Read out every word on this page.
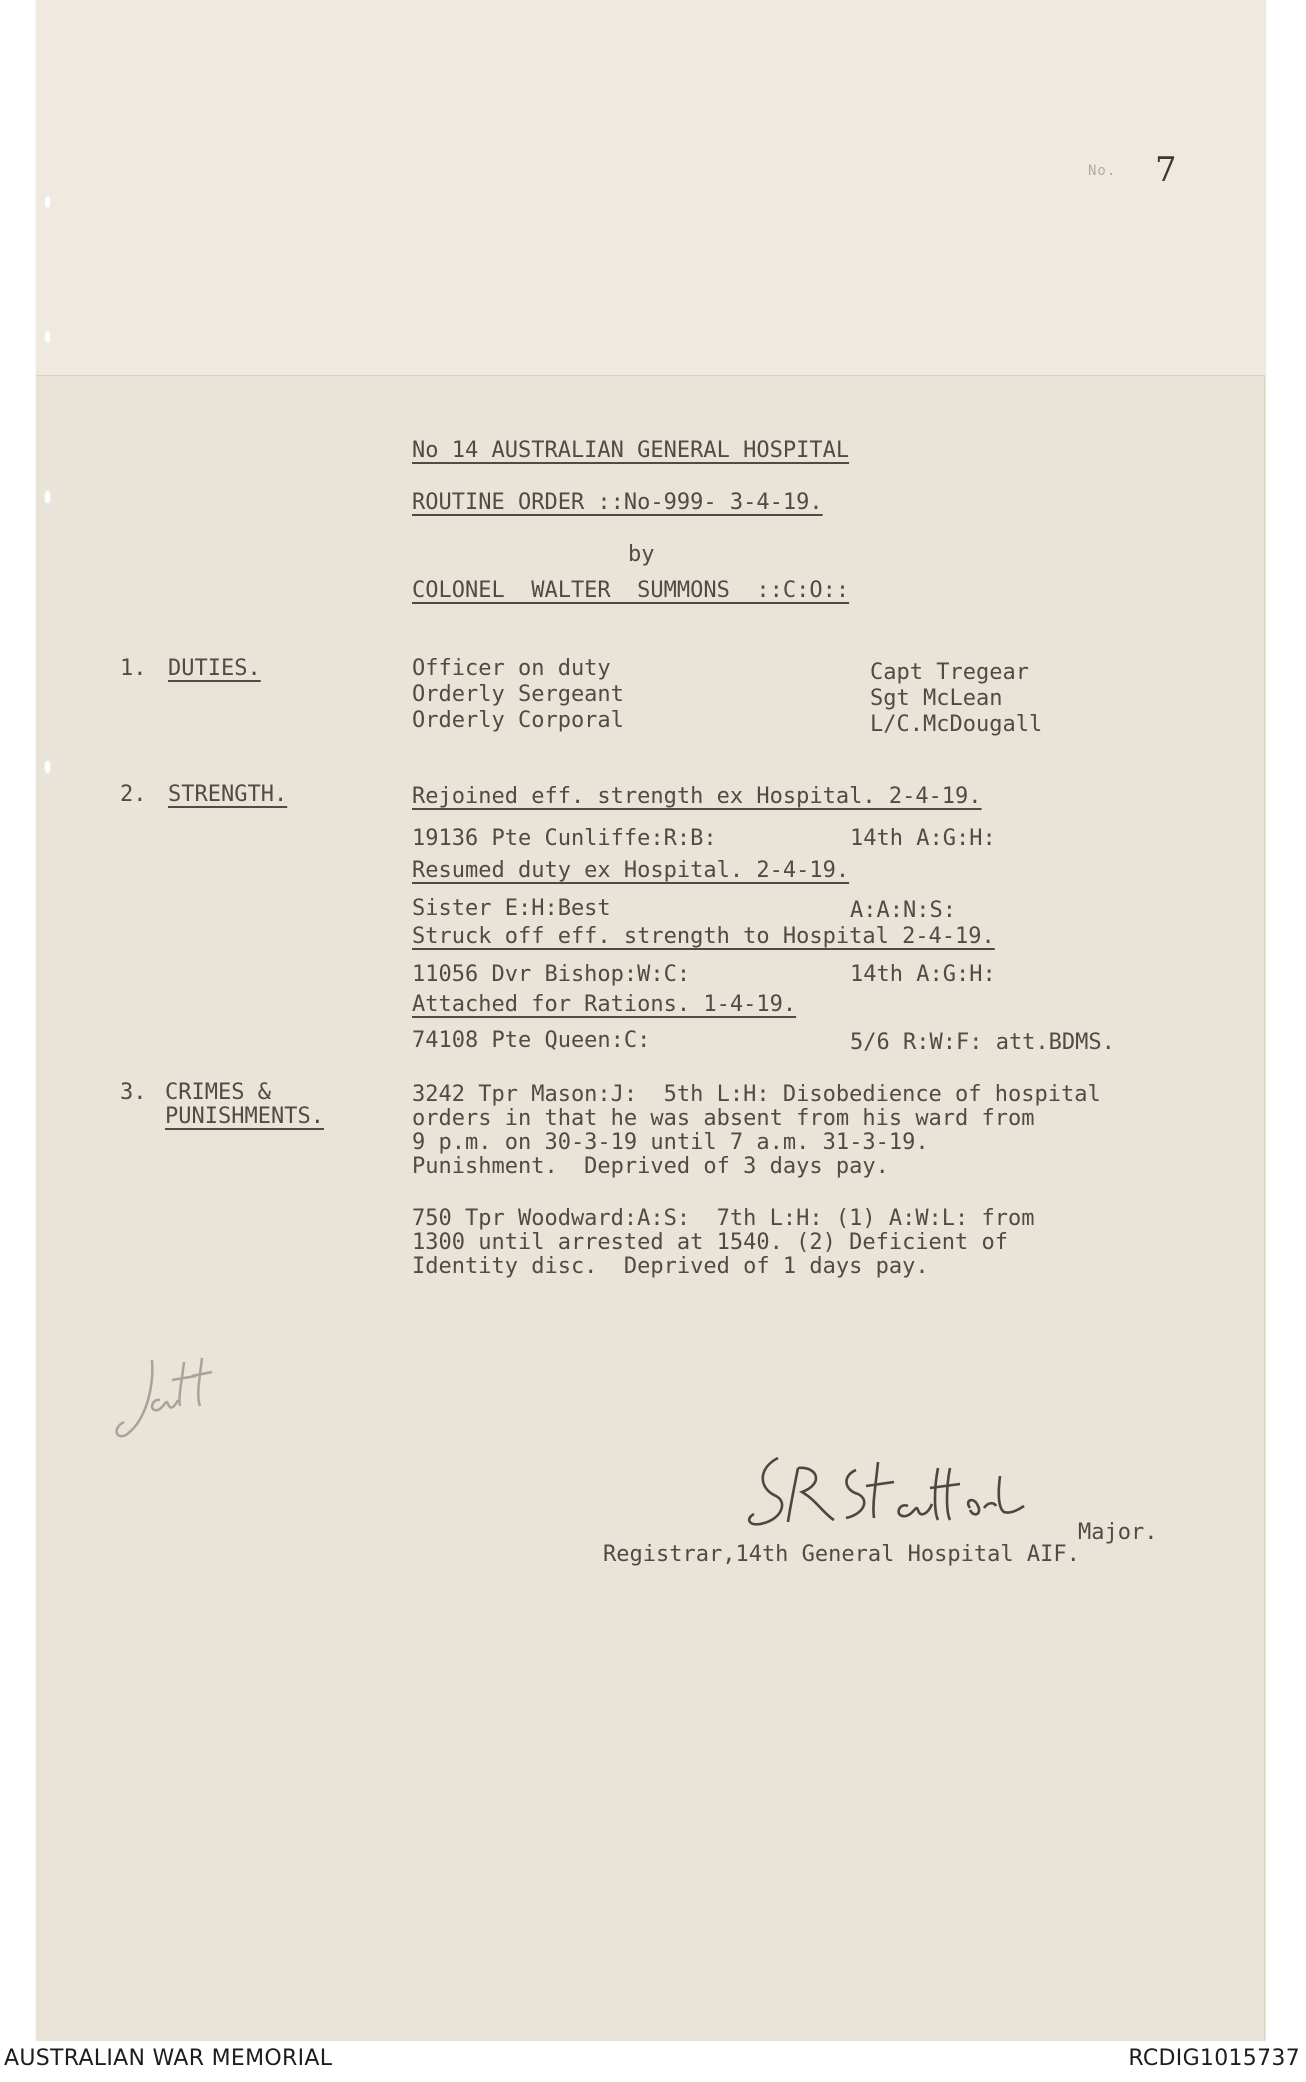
No. 7
No 14 AUSTRALIAN GENERAL HOSPITAL
ROUTINE ORDER ::No-999- 3-4-19.
by
COLONEL  WALTER  SUMMONS  ::C:O::
1. DUTIES.	Officer on duty	Capt Tregear
Orderly Sergeant	Sgt McLean
Orderly Corporal	L/C.McDougall
2. STRENGTH.	Rejoined eff. strength ex Hospital. 2-4-19.
19136 Pte Cunliffe:R:B:	14th A:G:H:
Resumed duty ex Hospital. 2-4-19.
Sister E:H:Best	A:A:N:S:
Struck off eff. strength to Hospital 2-4-19.
11056 Dvr Bishop:W:C:	14th A:G:H:
Attached for Rations. 1-4-19.
74108 Pte Queen:C:	5/6 R:W:F: att.BDMS.
3. CRIMES &
PUNISHMENTS.
3242 Tpr Mason:J:  5th L:H: Disobedience of hospital
orders in that he was absent from his ward from
9 p.m. on 30-3-19 until 7 a.m. 31-3-19.
Punishment.  Deprived of 3 days pay.
750 Tpr Woodward:A:S:  7th L:H: (1) A:W:L: from
1300 until arrested at 1540. (2) Deficient of
Identity disc.  Deprived of 1 days pay.
Major.
Registrar,14th General Hospital AIF.
AUSTRALIAN WAR MEMORIAL	RCDIG1015737
